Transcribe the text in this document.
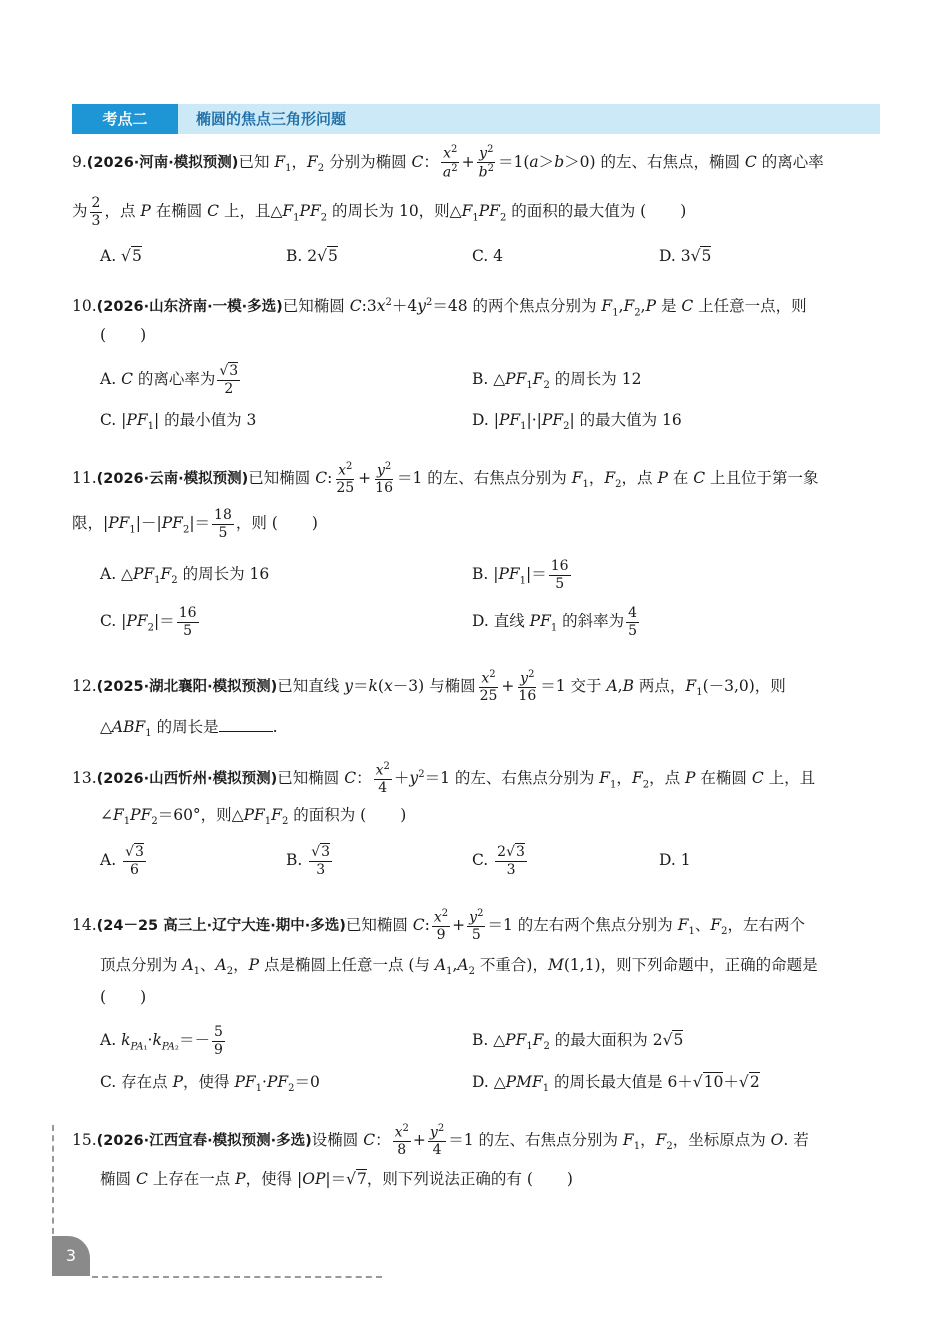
考点二	椭圆的焦点三角形问题
9.(2026·河南·模拟预测)已知 $F_1$，$F_2$ 分别为椭圆 C： $\frac{x^2}{a^2} + \frac{y^2}{b^2} =1(a>b>0)$ 的左、右焦点，椭圆 C 的离心率
为 $\frac{2}{3}$ ，点 P 在椭圆 C 上，且$\triangle F_1PF_2$ 的周长为 10，则$\triangle F_1PF_2$ 的面积的最大值为 ( )
A. √5	B. 2√5	C. 4	D. 3√5
10.(2026·山东济南·一模·多选)已知椭圆 $C:3x^2+4y^2=48$ 的两个焦点分别为 $F_1,F_2,P$ 是 C 上任意一点，则
( )
A. C 的离心率为 $\frac{√3}{2}$	B. $\triangle PF_1F_2$ 的周长为 12
C. $|PF_1|$ 的最小值为 3	D. $|PF_1|\cdot|PF_2|$ 的最大值为 16
11.(2026·云南·模拟预测)已知椭圆 C: $\frac{x^2}{25} + \frac{y^2}{16} =1$ 的左、右焦点分别为 $F_1$，$F_2$，点 P 在 C 上且位于第一象
限，$|PF_1|-|PF_2|= \frac{18}{5}$ ，则 ( )
A. $\triangle PF_1F_2$ 的周长为 16	B. $|PF_1|= \frac{16}{5}$
C. $|PF_2|= \frac{16}{5}$	D. 直线 $PF_1$ 的斜率为 $\frac{4}{5}$
12.(2025·湖北襄阳·模拟预测)已知直线 y＝k(x－3) 与椭圆 $\frac{x^2}{25} + \frac{y^2}{16} =1$ 交于 A,B 两点，$F_1(-3,0)$，则
$\triangle ABF_1$ 的周长是	.
13.(2026·山西忻州·模拟预测)已知椭圆 C： $\frac{x^2}{4} +y^2=1$ 的左、右焦点分别为 $F_1$，$F_2$，点 P 在椭圆 C 上，且
$\angle F_1PF_2=60^\circ$，则$\triangle PF_1F_2$ 的面积为 ( )
A. $\frac{√3}{6}$	B. $\frac{√3}{3}$	C. $\frac{2√3}{3}$	D. 1
14.(24－25 高三上·辽宁大连·期中·多选)已知椭圆 C: $\frac{x^2}{9} + \frac{y^2}{5} =1$ 的左右两个焦点分别为 $F_1$、$F_2$，左右两个
顶点分别为 $A_1$、$A_2$，P 点是椭圆上任意一点 (与 $A_1,A_2$ 不重合)，M(1,1)，则下列命题中，正确的命题是
( )
A. $k_{PA_1}\cdot k_{PA_2}=- \frac{5}{9}$	B. $\triangle PF_1F_2$ 的最大面积为 2√5
C. 存在点 P，使得 $PF_1\cdot PF_2=0$	D. $\triangle PMF_1$ 的周长最大值是 6＋√10＋√2
15.(2026·江西宜春·模拟预测·多选)设椭圆 C： $\frac{x^2}{8} + \frac{y^2}{4} =1$ 的左、右焦点分别为 $F_1$，$F_2$，坐标原点为 O. 若
椭圆 C 上存在一点 P，使得 |OP|＝√7，则下列说法正确的有 ( )
3
